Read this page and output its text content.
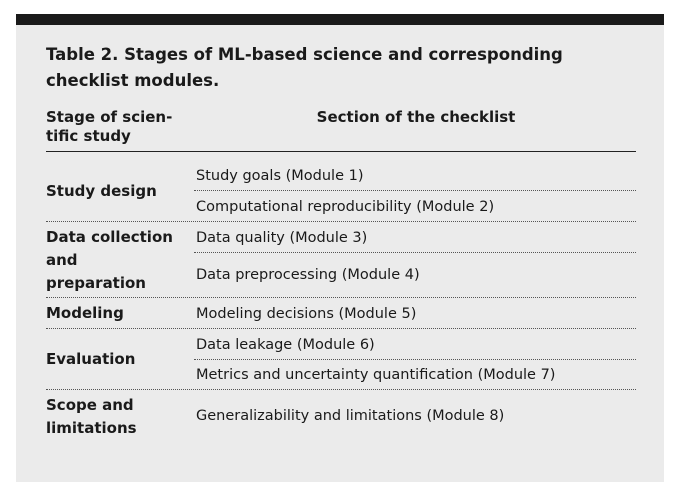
Table 2. Stages of ML-based science and corresponding checklist modules.
Stage of scien-
tific study
Section of the checklist
Study design
Study goals (Module 1)
Computational reproducibility (Module 2)
Data collection
and
preparation
Data quality (Module 3)
Data preprocessing (Module 4)
Modeling	Modeling decisions (Module 5)
Evaluation
Data leakage (Module 6)
Metrics and uncertainty quantification (Module 7)
Scope and
limitations
Generalizability and limitations (Module 8)
